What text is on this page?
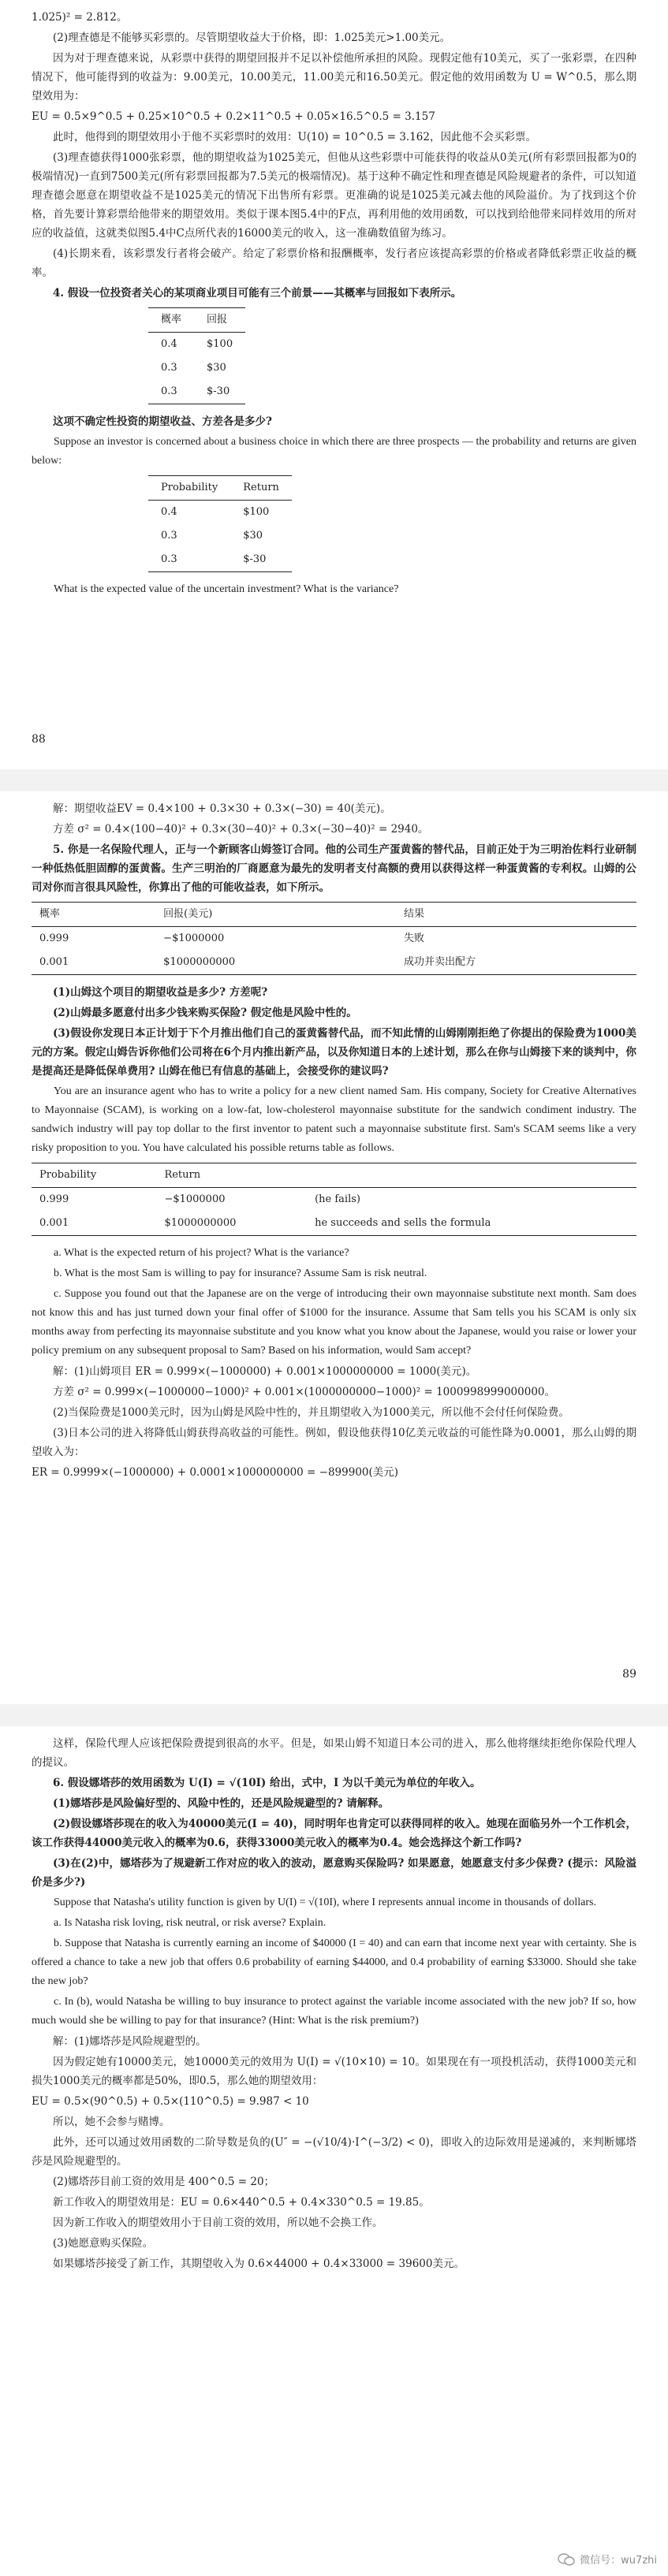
1.025)² = 2.812。

(2)理查德是不能够买彩票的。尽管期望收益大于价格，即：1.025美元>1.00美元。

因为对于理查德来说，从彩票中获得的期望回报并不足以补偿他所承担的风险。现假定他有10美元，买了一张彩票，在四种情况下，他可能得到的收益为：9.00美元，10.00美元，11.00美元和16.50美元。假定他的效用函数为 U = W^0.5，那么期望效用为：

EU = 0.5×9^0.5 + 0.25×10^0.5 + 0.2×11^0.5 + 0.05×16.5^0.5 = 3.157

此时，他得到的期望效用小于他不买彩票时的效用：U(10) = 10^0.5 = 3.162，因此他不会买彩票。

(3)理查德获得1000张彩票，他的期望收益为1025美元，但他从这些彩票中可能获得的收益从0美元(所有彩票回报都为0的极端情况)一直到7500美元(所有彩票回报都为7.5美元的极端情况)。基于这种不确定性和理查德是风险规避者的条件，可以知道理查德会愿意在期望收益不是1025美元的情况下出售所有彩票。更准确的说是1025美元减去他的风险溢价。为了找到这个价格，首先要计算彩票给他带来的期望效用。类似于课本图5.4中的F点，再利用他的效用函数，可以找到给他带来同样效用的所对应的收益值，这就类似图5.4中C点所代表的16000美元的收入，这一准确数值留为练习。

(4)长期来看，该彩票发行者将会破产。给定了彩票价格和报酬概率，发行者应该提高彩票的价格或者降低彩票正收益的概率。

4. 假设一位投资者关心的某项商业项目可能有三个前景——其概率与回报如下表所示。

概率	回报
0.4	$100
0.3	$30
0.3	$-30

这项不确定性投资的期望收益、方差各是多少?

Suppose an investor is concerned about a business choice in which there are three prospects — the probability and returns are given below:

Probability	Return
0.4	$100
0.3	$30
0.3	$-30

What is the expected value of the uncertain investment? What is the variance?

88

解：期望收益EV = 0.4×100 + 0.3×30 + 0.3×(−30) = 40(美元)。

方差 σ² = 0.4×(100−40)² + 0.3×(30−40)² + 0.3×(−30−40)² = 2940。

5. 你是一名保险代理人，正与一个新顾客山姆签订合同。他的公司生产蛋黄酱的替代品，目前正处于为三明治佐料行业研制一种低热低胆固醇的蛋黄酱。生产三明治的厂商愿意为最先的发明者支付高额的费用以获得这样一种蛋黄酱的专利权。山姆的公司对你而言很具风险性，你算出了他的可能收益表，如下所示。

概率	回报(美元)	结果
0.999	−$1000000	失败
0.001	$1000000000	成功并卖出配方

(1)山姆这个项目的期望收益是多少? 方差呢?

(2)山姆最多愿意付出多少钱来购买保险? 假定他是风险中性的。

(3)假设你发现日本正计划于下个月推出他们自己的蛋黄酱替代品，而不知此情的山姆刚刚拒绝了你提出的保险费为1000美元的方案。假定山姆告诉你他们公司将在6个月内推出新产品，以及你知道日本的上述计划，那么在你与山姆接下来的谈判中，你是提高还是降低保单费用? 山姆在他已有信息的基础上，会接受你的建议吗?

You are an insurance agent who has to write a policy for a new client named Sam. His company, Society for Creative Alternatives to Mayonnaise (SCAM), is working on a low-fat, low-cholesterol mayonnaise substitute for the sandwich condiment industry. The sandwich industry will pay top dollar to the first inventor to patent such a mayonnaise substitute first. Sam's SCAM seems like a very risky proposition to you. You have calculated his possible returns table as follows.

Probability	Return	
0.999	−$1000000	(he fails)
0.001	$1000000000	he succeeds and sells the formula

a. What is the expected return of his project? What is the variance?

b. What is the most Sam is willing to pay for insurance? Assume Sam is risk neutral.

c. Suppose you found out that the Japanese are on the verge of introducing their own mayonnaise substitute next month. Sam does not know this and has just turned down your final offer of $1000 for the insurance. Assume that Sam tells you his SCAM is only six months away from perfecting its mayonnaise substitute and you know what you know about the Japanese, would you raise or lower your policy premium on any subsequent proposal to Sam? Based on his information, would Sam accept?

解：(1)山姆项目 ER = 0.999×(−1000000) + 0.001×1000000000 = 1000(美元)。

方差 σ² = 0.999×(−1000000−1000)² + 0.001×(1000000000−1000)² = 1000998999000000。

(2)当保险费是1000美元时，因为山姆是风险中性的，并且期望收入为1000美元，所以他不会付任何保险费。

(3)日本公司的进入将降低山姆获得高收益的可能性。例如，假设他获得10亿美元收益的可能性降为0.0001，那么山姆的期望收入为：

ER = 0.9999×(−1000000) + 0.0001×1000000000 = −899900(美元)

89

这样，保险代理人应该把保险费提到很高的水平。但是，如果山姆不知道日本公司的进入，那么他将继续拒绝你保险代理人的提议。

6. 假设娜塔莎的效用函数为 U(I) = √(10I) 给出，式中，I 为以千美元为单位的年收入。

(1)娜塔莎是风险偏好型的、风险中性的，还是风险规避型的? 请解释。

(2)假设娜塔莎现在的收入为40000美元(I = 40)，同时明年也肯定可以获得同样的收入。她现在面临另外一个工作机会，该工作获得44000美元收入的概率为0.6，获得33000美元收入的概率为0.4。她会选择这个新工作吗?

(3)在(2)中，娜塔莎为了规避新工作对应的收入的波动，愿意购买保险吗? 如果愿意，她愿意支付多少保费? (提示：风险溢价是多少?)

Suppose that Natasha's utility function is given by U(I) = √(10I), where I represents annual income in thousands of dollars.

a. Is Natasha risk loving, risk neutral, or risk averse? Explain.

b. Suppose that Natasha is currently earning an income of $40000 (I = 40) and can earn that income next year with certainty. She is offered a chance to take a new job that offers 0.6 probability of earning $44000, and 0.4 probability of earning $33000. Should she take the new job?

c. In (b), would Natasha be willing to buy insurance to protect against the variable income associated with the new job? If so, how much would she be willing to pay for that insurance? (Hint: What is the risk premium?)

解：(1)娜塔莎是风险规避型的。

因为假定她有10000美元，她10000美元的效用为 U(I) = √(10×10) = 10。如果现在有一项投机活动，获得1000美元和损失1000美元的概率都是50%，即0.5，那么她的期望效用：

EU = 0.5×(90^0.5) + 0.5×(110^0.5) = 9.987 < 10

所以，她不会参与赌博。

此外，还可以通过效用函数的二阶导数是负的(U″ = −(√10/4)·I^(−3/2) < 0)，即收入的边际效用是递减的，来判断娜塔莎是风险规避型的。

(2)娜塔莎目前工资的效用是 400^0.5 = 20；

新工作收入的期望效用是：EU = 0.6×440^0.5 + 0.4×330^0.5 = 19.85。

因为新工作收入的期望效用小于目前工资的效用，所以她不会换工作。

(3)她愿意购买保险。

如果娜塔莎接受了新工作，其期望收入为 0.6×44000 + 0.4×33000 = 39600美元。

微信号：wu7zhi
